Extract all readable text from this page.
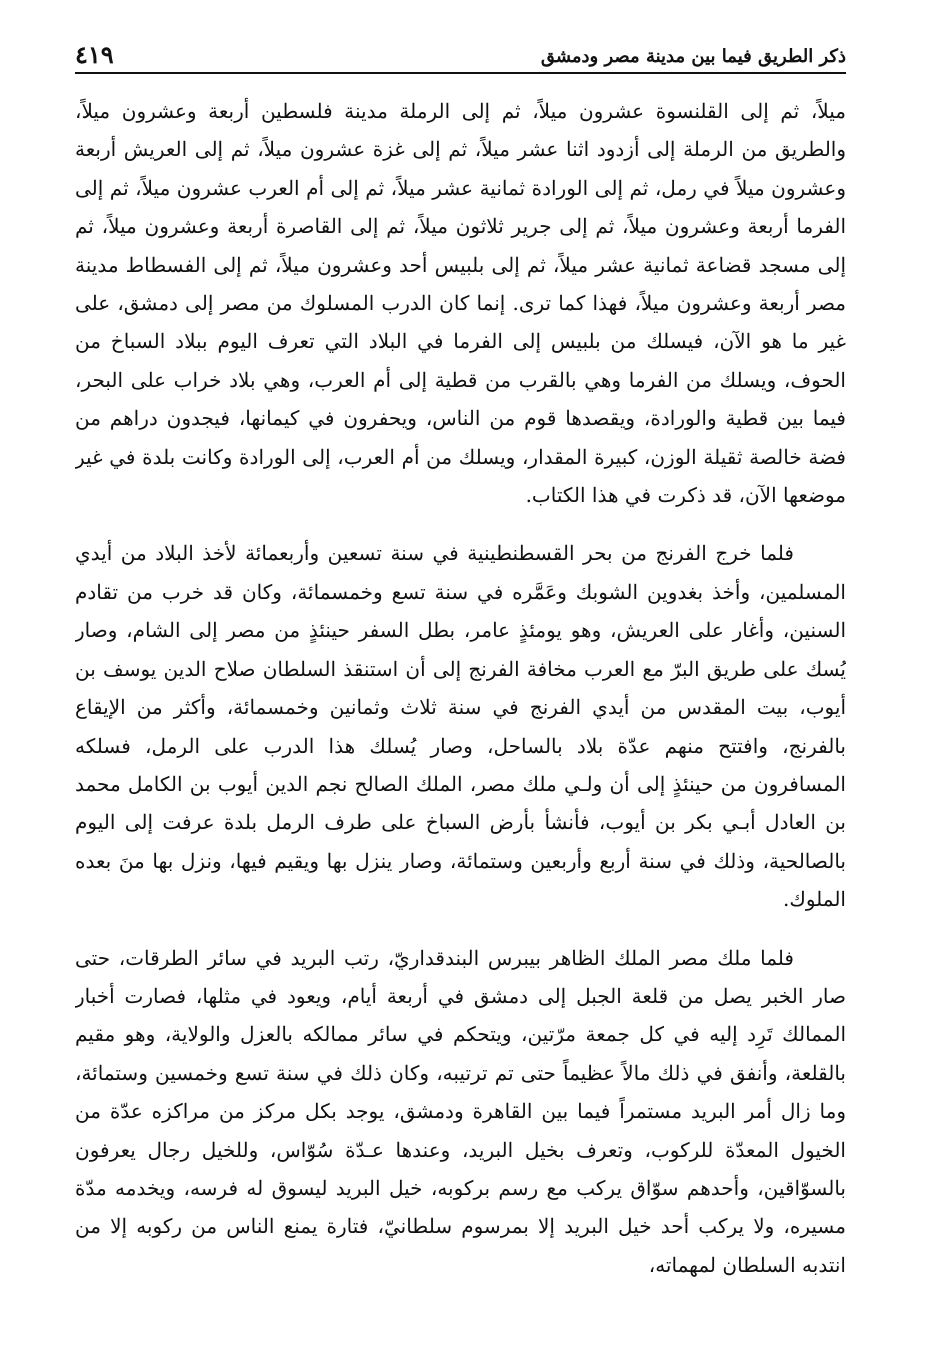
ذكر الطريق فيما بين مدينة مصر ودمشق
٤١٩

ميلاً، ثم إلى القلنسوة عشرون ميلاً، ثم إلى الرملة مدينة فلسطين أربعة وعشرون ميلاً، والطريق من الرملة إلى أزدود اثنا عشر ميلاً، ثم إلى غزة عشرون ميلاً، ثم إلى العريش أربعة وعشرون ميلاً في رمل، ثم إلى الورادة ثمانية عشر ميلاً، ثم إلى أم العرب عشرون ميلاً، ثم إلى الفرما أربعة وعشرون ميلاً، ثم إلى جرير ثلاثون ميلاً، ثم إلى القاصرة أربعة وعشرون ميلاً، ثم إلى مسجد قضاعة ثمانية عشر ميلاً، ثم إلى بلبيس أحد وعشرون ميلاً، ثم إلى الفسطاط مدينة مصر أربعة وعشرون ميلاً، فهذا كما ترى. إنما كان الدرب المسلوك من مصر إلى دمشق، على غير ما هو الآن، فيسلك من بلبيس إلى الفرما في البلاد التي تعرف اليوم ببلاد السباخ من الحوف، ويسلك من الفرما وهي بالقرب من قطية إلى أم العرب، وهي بلاد خراب على البحر، فيما بين قطية والورادة، ويقصدها قوم من الناس، ويحفرون في كيمانها، فيجدون دراهم من فضة خالصة ثقيلة الوزن، كبيرة المقدار، ويسلك من أم العرب، إلى الورادة وكانت بلدة في غير موضعها الآن، قد ذكرت في هذا الكتاب.

فلما خرج الفرنج من بحر القسطنطينية في سنة تسعين وأربعمائة لأخذ البلاد من أيدي المسلمين، وأخذ بغدوين الشوبك وعَمَّره في سنة تسع وخمسمائة، وكان قد خرب من تقادم السنين، وأغار على العريش، وهو يومئذٍ عامر، بطل السفر حينئذٍ من مصر إلى الشام، وصار يُسك على طريق البرّ مع العرب مخافة الفرنج إلى أن استنقذ السلطان صلاح الدين يوسف بن أيوب، بيت المقدس من أيدي الفرنج في سنة ثلاث وثمانين وخمسمائة، وأكثر من الإيقاع بالفرنج، وافتتح منهم عدّة بلاد بالساحل، وصار يُسلك هذا الدرب على الرمل، فسلكه المسافرون من حينئذٍ إلى أن ولـي ملك مصر، الملك الصالح نجم الدين أيوب بن الكامل محمد بن العادل أبـي بكر بن أيوب، فأنشأ بأرض السباخ على طرف الرمل بلدة عرفت إلى اليوم بالصالحية، وذلك في سنة أربع وأربعين وستمائة، وصار ينزل بها ويقيم فيها، ونزل بها منَ بعده الملوك.

فلما ملك مصر الملك الظاهر بيبرس البندقداريّ، رتب البريد في سائر الطرقات، حتى صار الخبر يصل من قلعة الجبل إلى دمشق في أربعة أيام، ويعود في مثلها، فصارت أخبار الممالك تَرِد إليه في كل جمعة مرّتين، ويتحكم في سائر ممالكه بالعزل والولاية، وهو مقيم بالقلعة، وأنفق في ذلك مالاً عظيماً حتى تم ترتيبه، وكان ذلك في سنة تسع وخمسين وستمائة، وما زال أمر البريد مستمراً فيما بين القاهرة ودمشق، يوجد بكل مركز من مراكزه عدّة من الخيول المعدّة للركوب، وتعرف بخيل البريد، وعندها عـدّة سُوّاس، وللخيل رجال يعرفون بالسوّاقين، وأحدهم سوّاق يركب مع رسم بركوبه، خيل البريد ليسوق له فرسه، ويخدمه مدّة مسيره، ولا يركب أحد خيل البريد إلا بمرسوم سلطانيّ، فتارة يمنع الناس من ركوبه إلا من انتدبه السلطان لمهماته،
